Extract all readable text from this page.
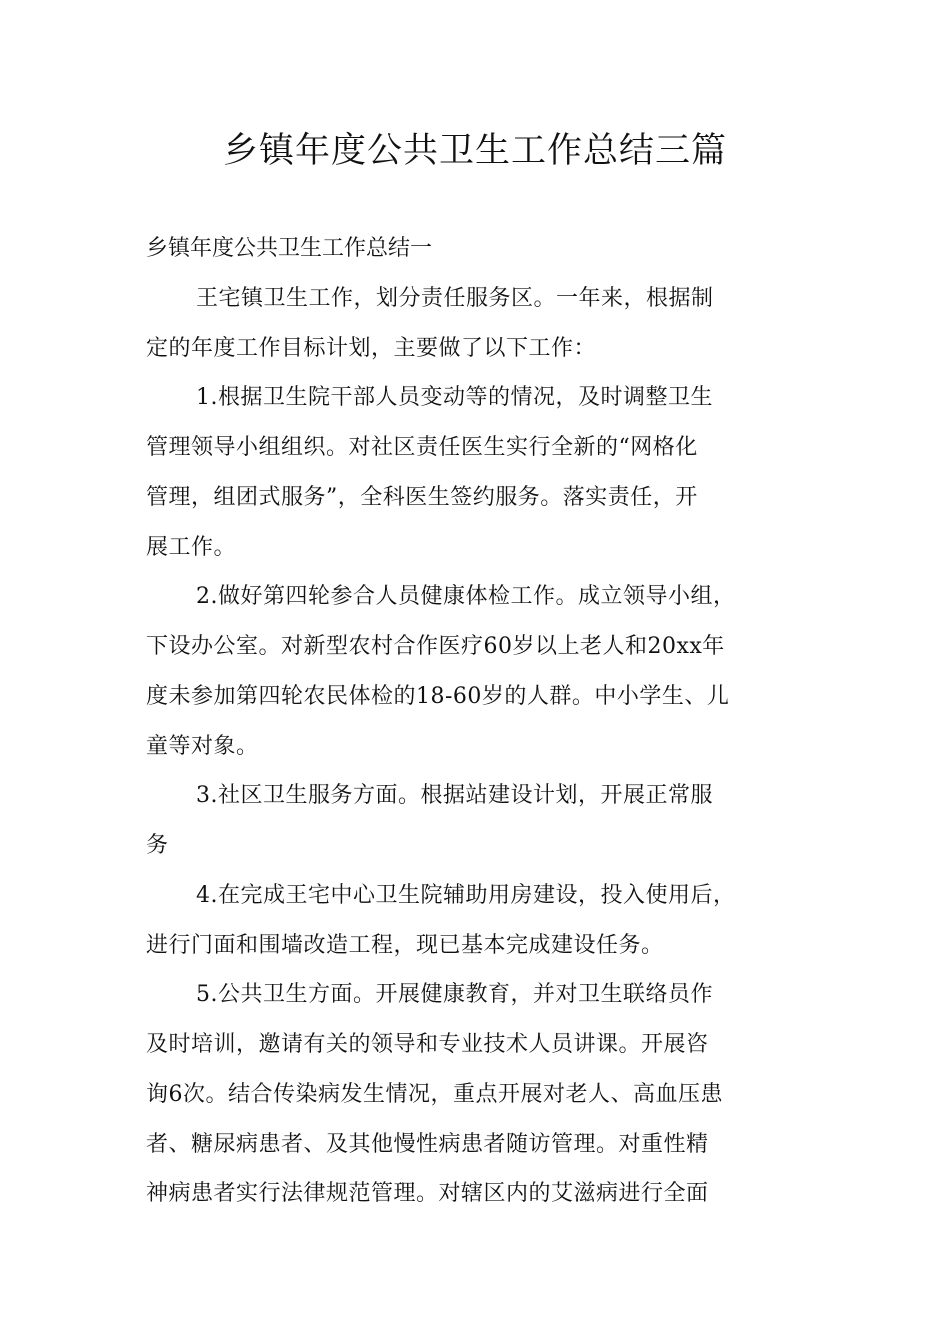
乡镇年度公共卫生工作总结三篇
乡镇年度公共卫生工作总结一
王宅镇卫生工作，划分责任服务区。一年来，根据制
定的年度工作目标计划，主要做了以下工作：
1.根据卫生院干部人员变动等的情况，及时调整卫生
管理领导小组组织。对社区责任医生实行全新的“网格化
管理，组团式服务”，全科医生签约服务。落实责任，开
展工作。
2.做好第四轮参合人员健康体检工作。成立领导小组，
下设办公室。对新型农村合作医疗60岁以上老人和20xx年
度未参加第四轮农民体检的18-60岁的人群。中小学生、儿
童等对象。
3.社区卫生服务方面。根据站建设计划，开展正常服
务
4.在完成王宅中心卫生院辅助用房建设，投入使用后，
进行门面和围墙改造工程，现已基本完成建设任务。
5.公共卫生方面。开展健康教育，并对卫生联络员作
及时培训，邀请有关的领导和专业技术人员讲课。开展咨
询6次。结合传染病发生情况，重点开展对老人、高血压患
者、糖尿病患者、及其他慢性病患者随访管理。对重性精
神病患者实行法律规范管理。对辖区内的艾滋病进行全面
